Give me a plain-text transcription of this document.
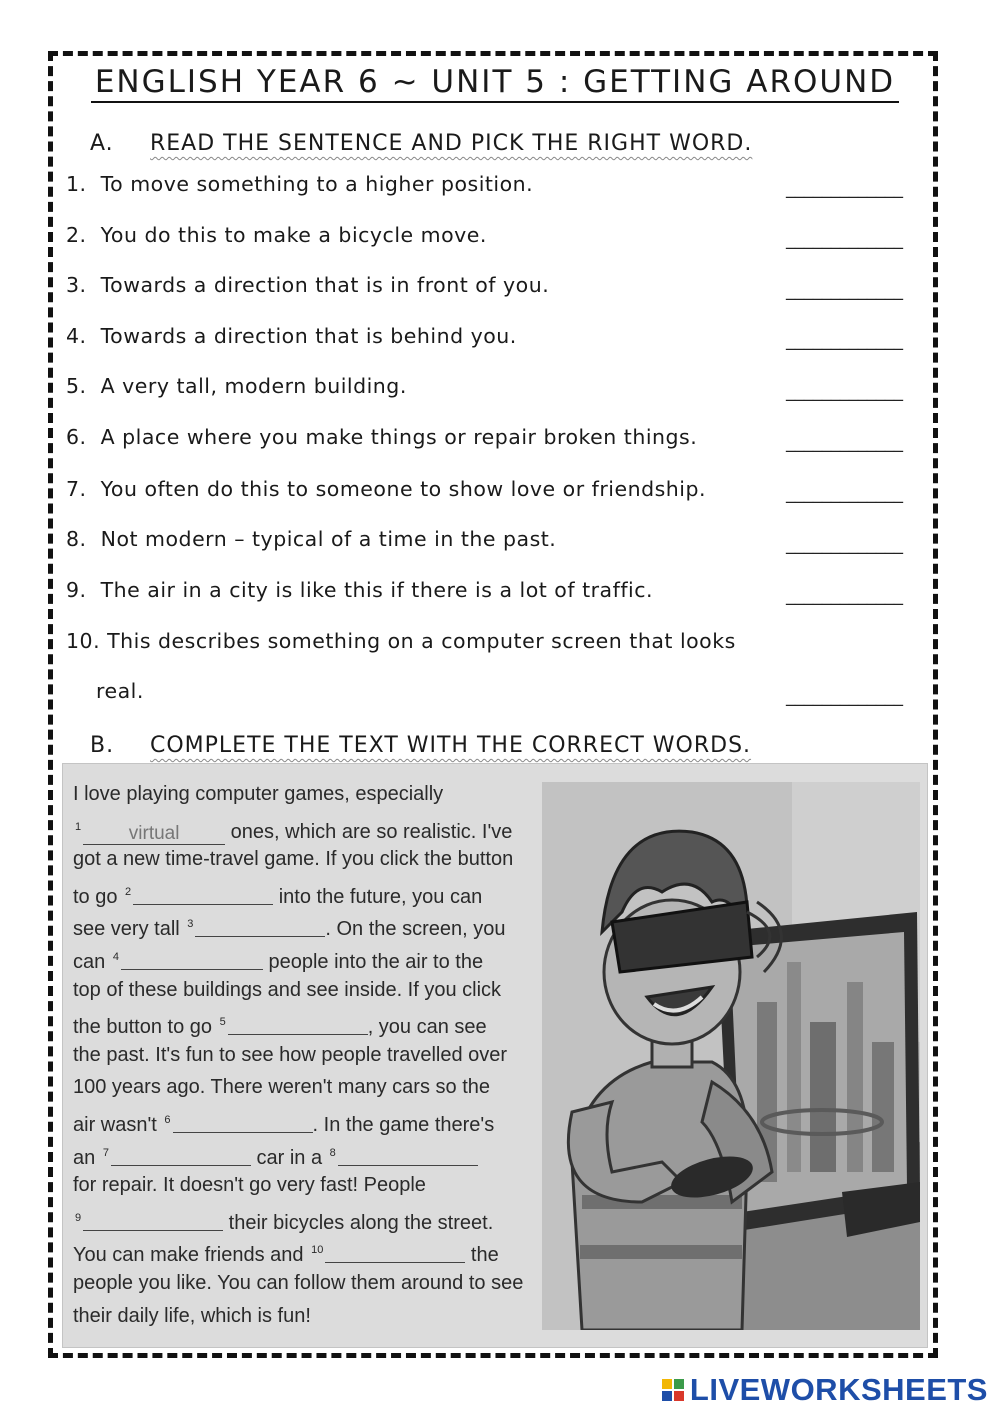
ENGLISH YEAR 6 ~ UNIT 5 : GETTING AROUND
A. READ THE SENTENCE AND PICK THE RIGHT WORD.
1. To move something to a higher position.	_____________
2. You do this to make a bicycle move.	_____________
3. Towards a direction that is in front of you.	_____________
4. Towards a direction that is behind you.	_____________
5. A very tall, modern building.	_____________
6. A place where you make things or repair broken things.	_____________
7. You often do this to someone to show love or friendship.	_____________
8. Not modern – typical of a time in the past.	_____________
9. The air in a city is like this if there is a lot of traffic.	_____________
10. This describes something on a computer screen that looks
real.	_____________
B. COMPLETE THE TEXT WITH THE CORRECT WORDS.
I love playing computer games, especially
$^1$	virtual ones, which are so realistic. I've
got a new time-travel game. If you click the button
to go $^2$	into the future, you can
see very tall $^3$	. On the screen, you
can $^4$	people into the air to the
top of these buildings and see inside. If you click
the button to go $^5$	, you can see
the past. It's fun to see how people travelled over
100 years ago. There weren't many cars so the
air wasn't $^6$	. In the game there's
an $^7$	car in a $^8$
for repair. It doesn't go very fast! People
$^9$	their bicycles along the street.
You can make friends and $^{10}$	the
people you like. You can follow them around to see
their daily life, which is fun!
LIVEWORKSHEETS
